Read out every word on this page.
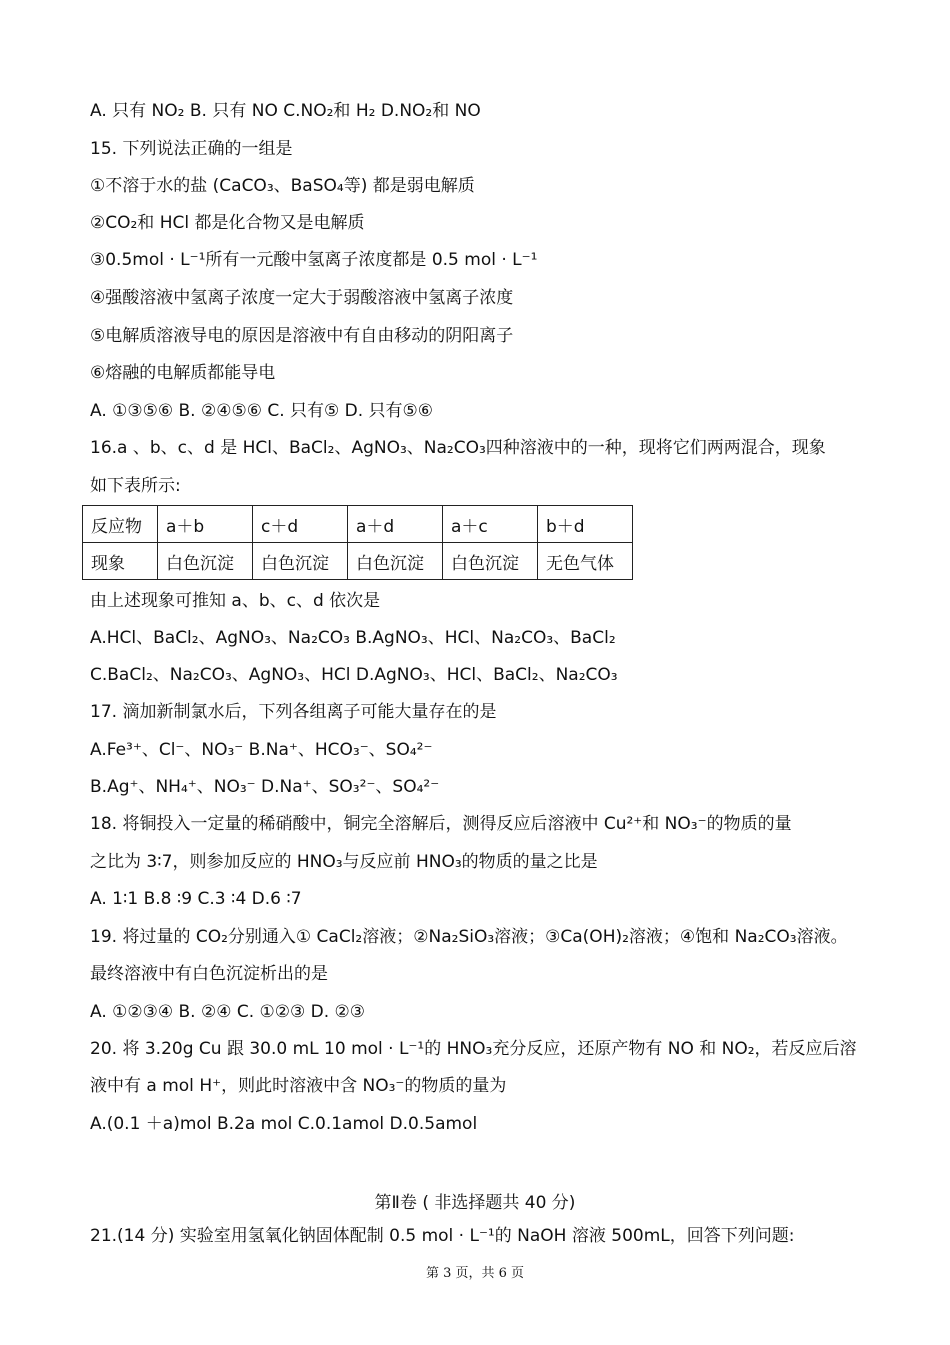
A. 只有 NO₂ B. 只有 NO C.NO₂和 H₂ D.NO₂和 NO
15. 下列说法正确的一组是
①不溶于水的盐 (CaCO₃、BaSO₄等) 都是弱电解质
②CO₂和 HCl 都是化合物又是电解质
③0.5mol · L⁻¹所有一元酸中氢离子浓度都是 0.5 mol · L⁻¹
④强酸溶液中氢离子浓度一定大于弱酸溶液中氢离子浓度
⑤电解质溶液导电的原因是溶液中有自由移动的阴阳离子
⑥熔融的电解质都能导电
A. ①③⑤⑥ B. ②④⑤⑥ C. 只有⑤ D. 只有⑤⑥
16.a 、b、c、d 是 HCl、BaCl₂、AgNO₃、Na₂CO₃四种溶液中的一种，现将它们两两混合，现象
如下表所示:
反应物	a＋b	c＋d	a＋d	a＋c	b＋d
现象	白色沉淀	白色沉淀	白色沉淀	白色沉淀	无色气体
由上述现象可推知 a、b、c、d 依次是
A.HCl、BaCl₂、AgNO₃、Na₂CO₃ B.AgNO₃、HCl、Na₂CO₃、BaCl₂
C.BaCl₂、Na₂CO₃、AgNO₃、HCl D.AgNO₃、HCl、BaCl₂、Na₂CO₃
17. 滴加新制氯水后，下列各组离子可能大量存在的是
A.Fe³⁺、Cl⁻、NO₃⁻ B.Na⁺、HCO₃⁻、SO₄²⁻
B.Ag⁺、NH₄⁺、NO₃⁻ D.Na⁺、SO₃²⁻、SO₄²⁻
18. 将铜投入一定量的稀硝酸中，铜完全溶解后，测得反应后溶液中 Cu²⁺和 NO₃⁻的物质的量
之比为 3∶7，则参加反应的 HNO₃与反应前 HNO₃的物质的量之比是
A. 1∶1 B.8 ∶9 C.3 ∶4 D.6 ∶7
19. 将过量的 CO₂分别通入① CaCl₂溶液；②Na₂SiO₃溶液；③Ca(OH)₂溶液；④饱和 Na₂CO₃溶液。
最终溶液中有白色沉淀析出的是
A. ①②③④ B. ②④ C. ①②③ D. ②③
20. 将 3.20g Cu 跟 30.0 mL 10 mol · L⁻¹的 HNO₃充分反应，还原产物有 NO 和 NO₂，若反应后溶
液中有 a mol H⁺，则此时溶液中含 NO₃⁻的物质的量为
A.(0.1 ＋a)mol B.2a mol C.0.1amol D.0.5amol
第Ⅱ卷 ( 非选择题共 40 分)
21.(14 分) 实验室用氢氧化钠固体配制 0.5 mol · L⁻¹的 NaOH 溶液 500mL，回答下列问题:
第 3 页，共 6 页
